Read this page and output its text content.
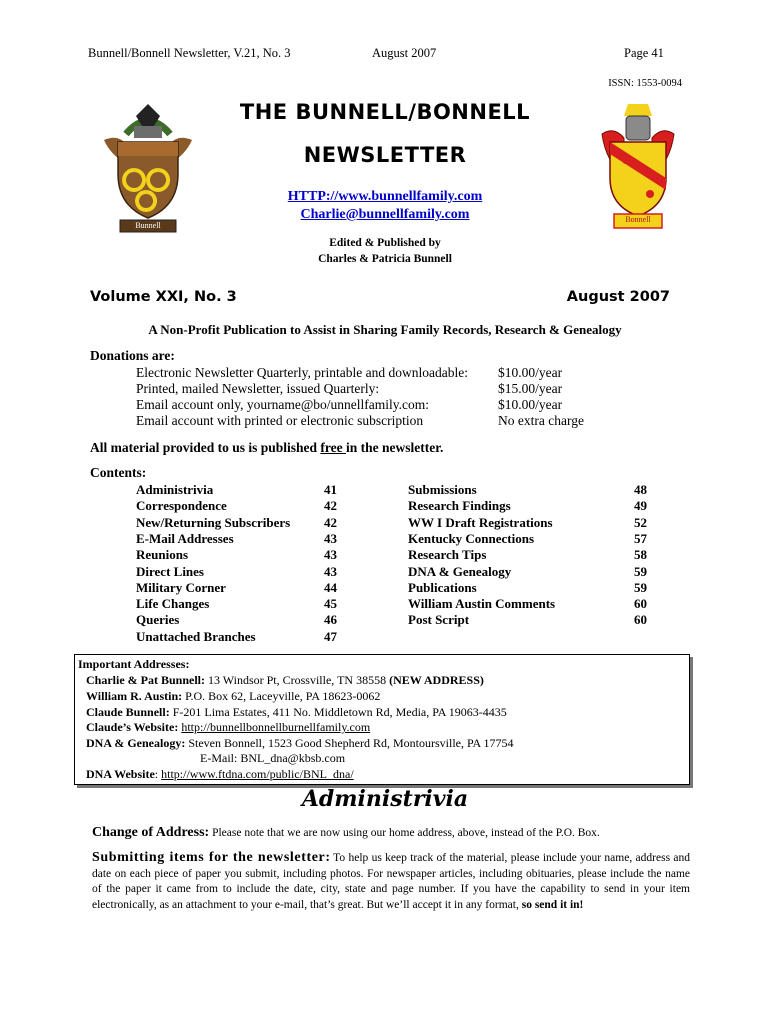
Bunnell/Bonnell Newsletter, V.21, No. 3	August 2007	Page 41
ISSN: 1553-0094
Bunnell
Bonnell
THE BUNNELL/BONNELL
NEWSLETTER
HTTP://www.bunnellfamily.com
Charlie@bunnellfamily.com
Edited & Published by
Charles & Patricia Bunnell
Volume XXI, No. 3	August 2007
A Non-Profit Publication to Assist in Sharing Family Records, Research & Genealogy
Donations are:
Electronic Newsletter Quarterly, printable and downloadable: $10.00/year
Printed, mailed Newsletter, issued Quarterly:	$15.00/year
Email account only, yourname@bo/unnellfamily.com:	$10.00/year
Email account with printed or electronic subscription	No extra charge
All material provided to us is published free in the newsletter.
Contents:
Administrivia	41
Correspondence	42
New/Returning Subscribers	42
E-Mail Addresses	43
Reunions	43
Direct Lines	43
Military Corner	44
Life Changes	45
Queries	46
Unattached Branches	47
Submissions	48
Research Findings	49
WW I Draft Registrations	52
Kentucky Connections	57
Research Tips	58
DNA & Genealogy	59
Publications	59
William Austin Comments	60
Post Script	60
Important Addresses:
Charlie & Pat Bunnell: 13 Windsor Pt, Crossville, TN 38558 (NEW ADDRESS)
William R. Austin: P.O. Box 62, Laceyville, PA 18623-0062
Claude Bunnell: F-201 Lima Estates, 411 No. Middletown Rd, Media, PA 19063-4435
Claude’s Website: http://bunnellbonnellburnellfamily.com
DNA & Genealogy: Steven Bonnell, 1523 Good Shepherd Rd, Montoursville, PA 17754
E-Mail: BNL_dna@kbsb.com
DNA Website: http://www.ftdna.com/public/BNL_dna/
Administrivia
Change of Address: Please note that we are now using our home address, above, instead of the P.O. Box.
Submitting items for the newsletter: To help us keep track of the material, please include your name, address and date on each piece of paper you submit, including photos. For newspaper articles, including obituaries, please include the name of the paper it came from to include the date, city, state and page number. If you have the capability to send in your item electronically, as an attachment to your e-mail, that’s great. But we’ll accept it in any format, so send it in!
